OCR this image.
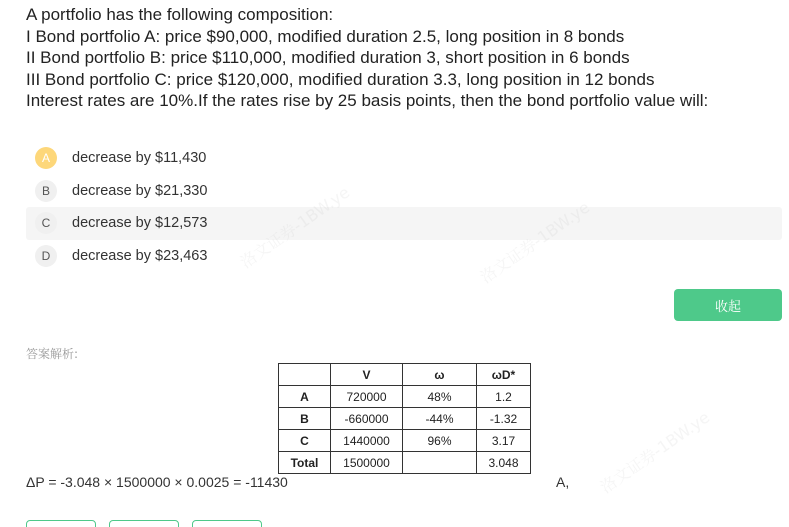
A portfolio has the following composition:
I Bond portfolio A: price $90,000, modified duration 2.5, long position in 8 bonds
II Bond portfolio B: price $110,000, modified duration 3, short position in 6 bonds
III Bond portfolio C: price $120,000, modified duration 3.3, long position in 12 bonds
Interest rates are 10%.If the rates rise by 25 basis points, then the bond portfolio value will:
A	decrease by $11,430
B	decrease by $21,330
C	decrease by $12,573
D	decrease by $23,463
收起
答案解析:
	V	ω	ωD*
A	720000	48%	1.2
B	-660000	-44%	-1.32
C	1440000	96%	3.17
Total	1500000		3.048
ΔP = -3.048 × 1500000 × 0.0025 = -11430	A,
洛文证券-1BW.ye
洛文证券-1BW.ye
